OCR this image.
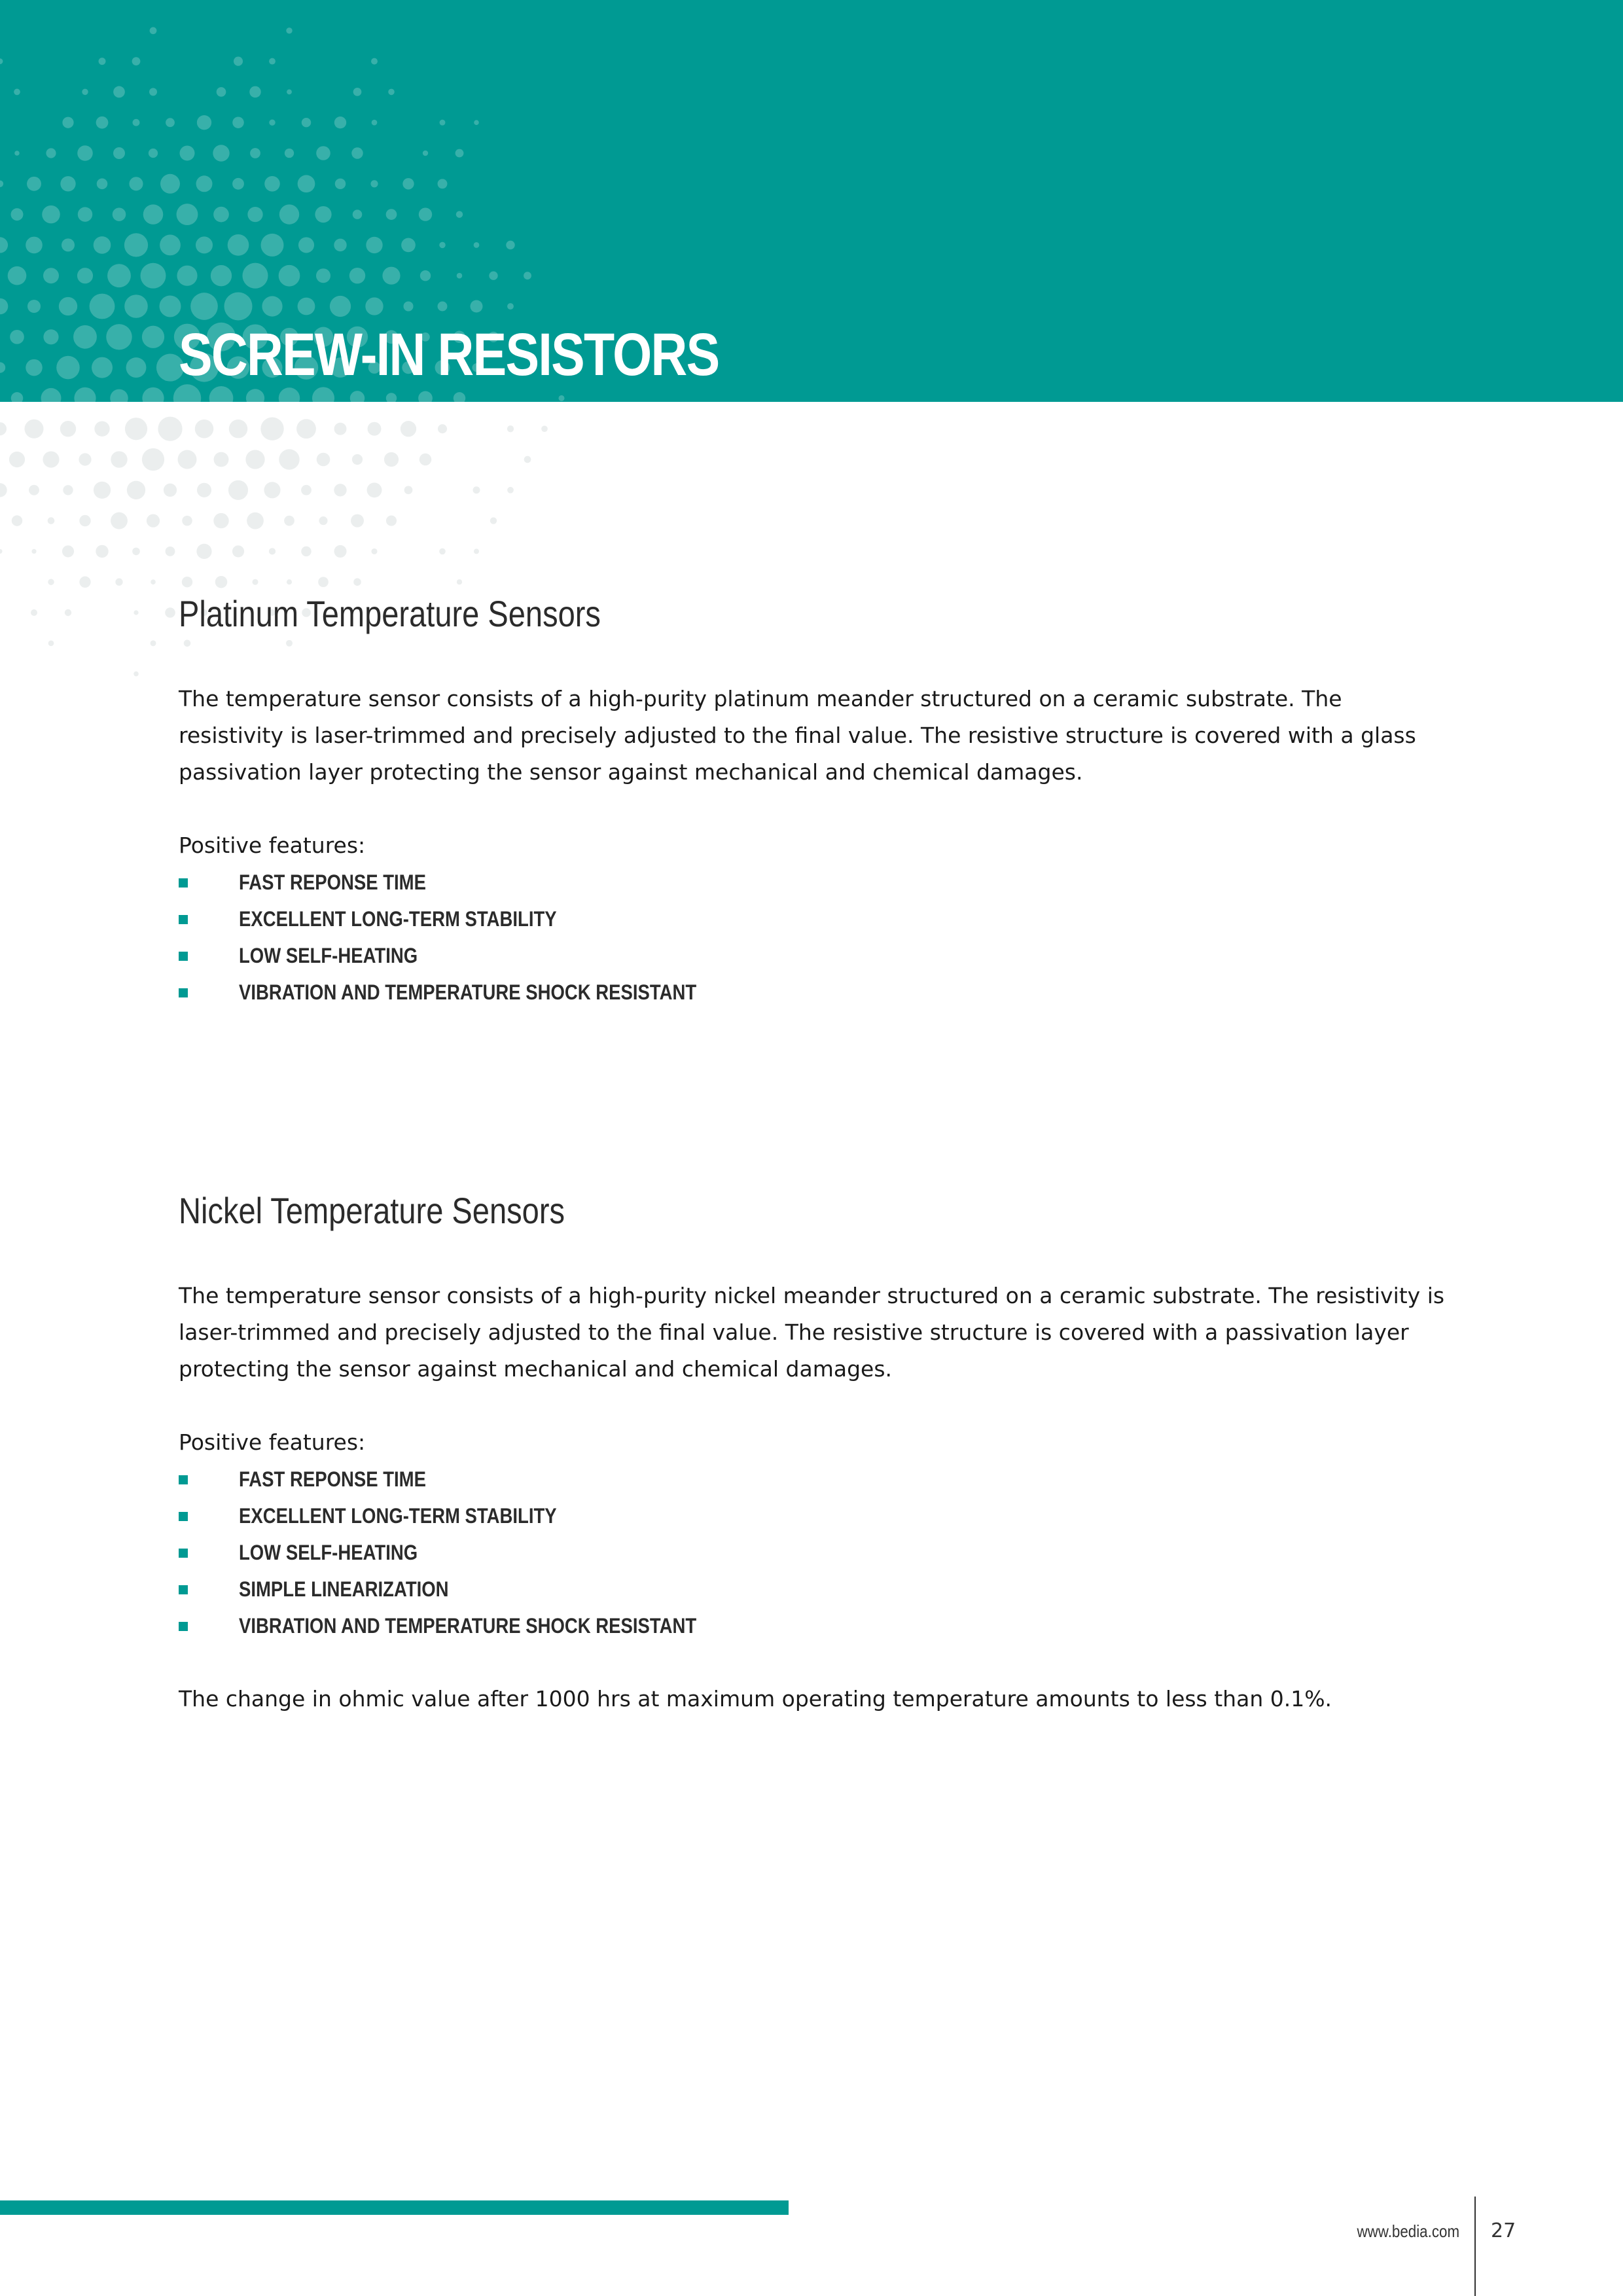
SCREW-IN RESISTORS
Platinum Temperature Sensors

The temperature sensor consists of a high-purity platinum meander structured on a ceramic substrate. The resistivity is laser-trimmed and precisely adjusted to the final value. The resistive structure is covered with a glass passivation layer protecting the sensor against mechanical and chemical damages.

Positive features:

FAST REPONSE TIME
EXCELLENT LONG-TERM STABILITY
LOW SELF-HEATING
VIBRATION AND TEMPERATURE SHOCK RESISTANT
Nickel Temperature Sensors

The temperature sensor consists of a high-purity nickel meander structured on a ceramic substrate. The resistivity is laser-trimmed and precisely adjusted to the final value. The resistive structure is covered with a passivation layer protecting the sensor against mechanical and chemical damages.

Positive features:

FAST REPONSE TIME
EXCELLENT LONG-TERM STABILITY
LOW SELF-HEATING
SIMPLE LINEARIZATION
VIBRATION AND TEMPERATURE SHOCK RESISTANT

The change in ohmic value after 1000 hrs at maximum operating temperature amounts to less than 0.1%.

www.bedia.com 27
